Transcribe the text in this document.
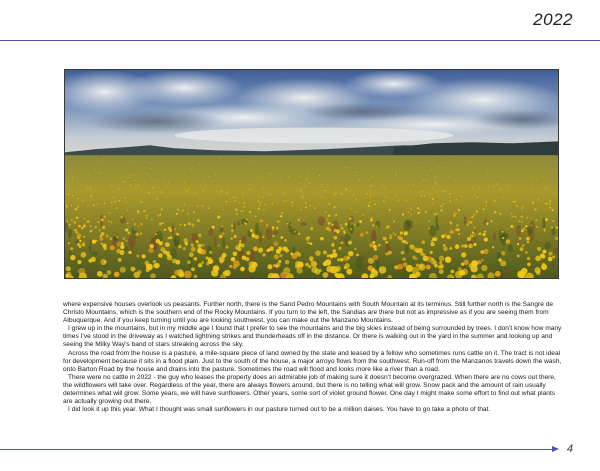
2022

where expensive houses overlook us peasants. Further north, there is the Sand Pedro Mountains with South Mountain at its terminus. Still further north is the Sangre de Christo Mountains, which is the southern end of the Rocky Mountains. If you turn to the left, the Sandias are there but not as impressive as if you are seeing them from Albuquerque. And if you keep turning until you are looking southwest, you can make out the Manzano Mountains.

I grew up in the mountains, but in my middle age I found that I prefer to see the mountains and the big skies instead of being surrounded by trees. I don’t know how many times I’ve stood in the driveway as I watched lightning strikes and thunderheads off in the distance. Or there is walking out in the yard in the summer and looking up and seeing the Milky Way’s band of stars streaking across the sky.

Across the road from the house is a pasture, a mile-square piece of land owned by the state and leased by a fellow who sometimes runs cattle on it. The tract is not ideal for development because it sits in a flood plain. Just to the south of the house, a major arroyo flows from the southwest. Run-off from the Manzanos travels down the wash, onto Barton Road by the house and drains into the pasture. Sometimes the road will flood and looks more like a river than a road.

There were no cattle in 2022 - the guy who leases the property does an admirable job of making sure it doesn’t become overgrazed. When there are no cows out there, the wildflowers will take over. Regardless of the year, there are always flowers around, but there is no telling what will grow. Snow pack and the amount of rain usually determines what will grow. Some years, we will have sunflowers. Other years, some sort of violet ground flower. One day I might make some effort to find out what plants are actually growing out there.

I did look it up this year. What I thought was small sunflowers in our pasture turned out to be a million daises. You have to go take a photo of that.

4
